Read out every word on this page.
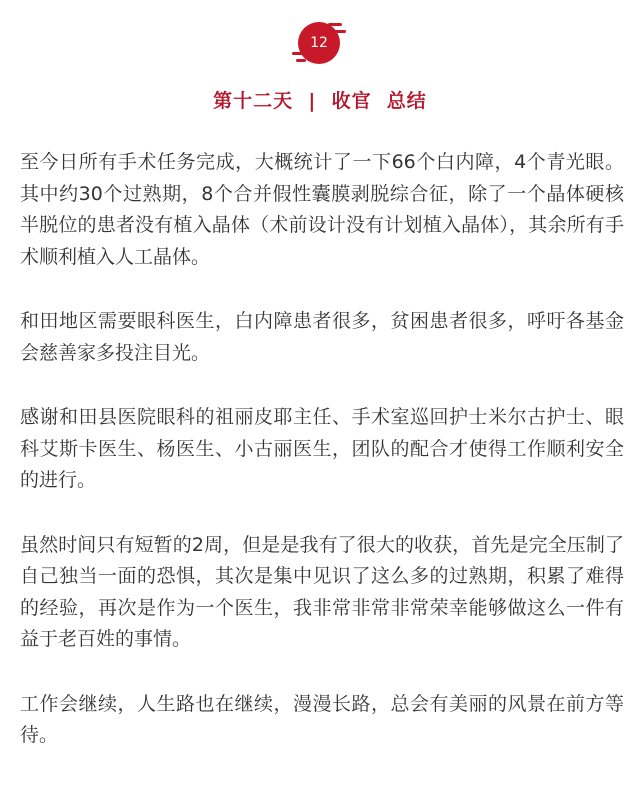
12
第十二天  |  收官  总结

至今日所有手术任务完成，大概统计了一下66个白内障，4个青光眼。其中约30个过熟期，8个合并假性囊膜剥脱综合征，除了一个晶体硬核半脱位的患者没有植入晶体（术前设计没有计划植入晶体），其余所有手术顺利植入人工晶体。

和田地区需要眼科医生，白内障患者很多，贫困患者很多，呼吁各基金会慈善家多投注目光。

感谢和田县医院眼科的祖丽皮耶主任、手术室巡回护士米尔古护士、眼科艾斯卡医生、杨医生、小古丽医生，团队的配合才使得工作顺利安全的进行。

虽然时间只有短暂的2周，但是是我有了很大的收获，首先是完全压制了自己独当一面的恐惧，其次是集中见识了这么多的过熟期，积累了难得的经验，再次是作为一个医生，我非常非常非常荣幸能够做这么一件有益于老百姓的事情。

工作会继续，人生路也在继续，漫漫长路，总会有美丽的风景在前方等待。
